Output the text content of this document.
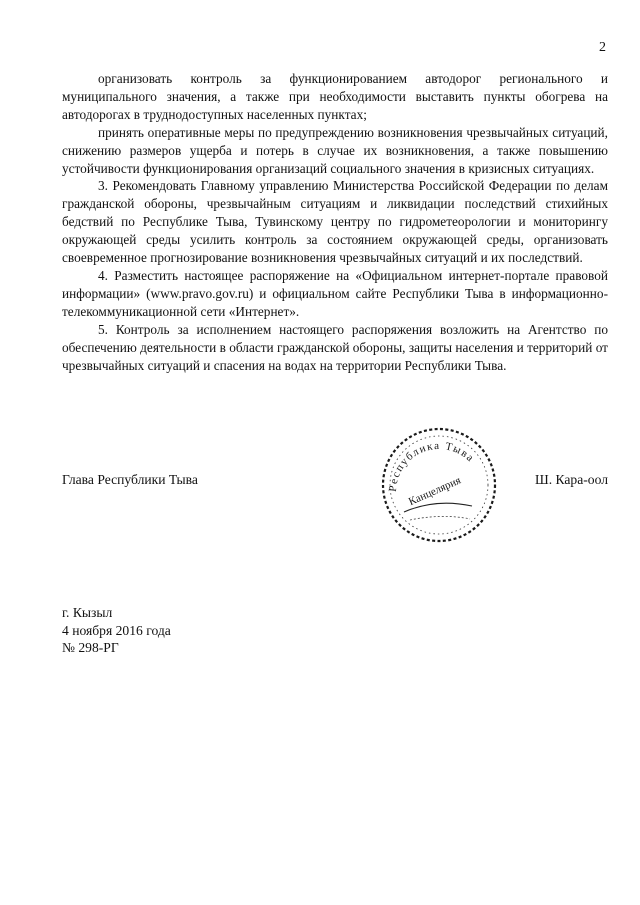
2

организовать контроль за функционированием автодорог регионального и муниципального значения, а также при необходимости выставить пункты обогрева на автодорогах в труднодоступных населенных пунктах;

принять оперативные меры по предупреждению возникновения чрезвычайных ситуаций, снижению размеров ущерба и потерь в случае их возникновения, а также повышению устойчивости функционирования организаций социального значения в кризисных ситуациях.

3. Рекомендовать Главному управлению Министерства Российской Федерации по делам гражданской обороны, чрезвычайным ситуациям и ликвидации последствий стихийных бедствий по Республике Тыва, Тувинскому центру по гидрометеорологии и мониторингу окружающей среды усилить контроль за состоянием окружающей среды, организовать своевременное прогнозирование возникновения чрезвычайных ситуаций и их последствий.

4. Разместить настоящее распоряжение на «Официальном интернет-портале правовой информации» (www.pravo.gov.ru) и официальном сайте Республики Тыва в информационно-телекоммуникационной сети «Интернет».

5. Контроль за исполнением настоящего распоряжения возложить на Агентство по обеспечению деятельности в области гражданской обороны, защиты населения и территорий от чрезвычайных ситуаций и спасения на водах на территории Республики Тыва.

Глава Республики Тыва	Ш. Кара-оол
Республика Тыва
Канцелярия
г. Кызыл
4 ноября 2016 года
№ 298-РГ
